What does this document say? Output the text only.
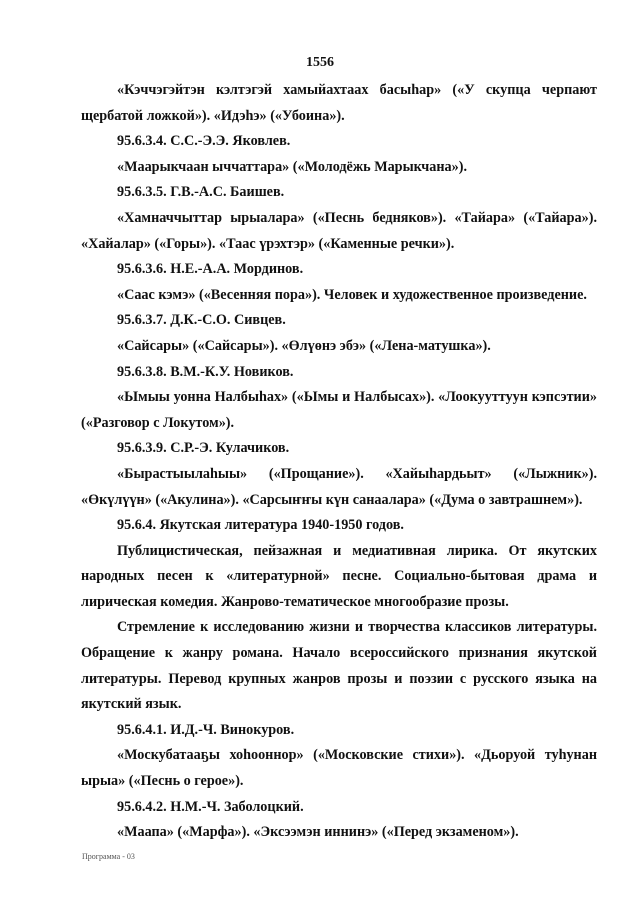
1556

«Кэччэгэйтэн кэлтэгэй хамыйахтаах басыһар» («У скупца черпают щербатой ложкой»). «Идэһэ» («Убоина»).

95.6.3.4. С.С.-Э.Э. Яковлев.

«Маарыкчаан ыччаттара» («Молодёжь Марыкчана»).

95.6.3.5. Г.В.-А.С. Баишев.

«Хамначчыттар ырыалара» («Песнь бедняков»). «Тайара» («Тайара»). «Хайалар» («Горы»). «Таас үрэхтэр» («Каменные речки»).

95.6.3.6. Н.Е.-А.А. Мординов.

«Саас кэмэ» («Весенняя пора»). Человек и художественное произведение.

95.6.3.7. Д.К.-С.О. Сивцев.

«Сайсары» («Сайсары»). «Өлүөнэ эбэ» («Лена-матушка»).

95.6.3.8. В.М.-К.У. Новиков.

«Ымыы уонна Налбыһах» («Ымы и Налбысах»). «Лоокууттуун кэпсэтии» («Разговор с Локутом»).

95.6.3.9. С.Р.-Э. Кулачиков.

«Бырастыылаһыы» («Прощание»). «Хайыһардьыт» («Лыжник»). «Өкүлүүн» («Акулина»). «Сарсыҥҥы күн санаалара» («Дума о завтрашнем»).

95.6.4. Якутская литература 1940-1950 годов.

Публицистическая, пейзажная и медиативная лирика. От якутских народных песен к «литературной» песне. Социально-бытовая драма и лирическая комедия. Жанрово-тематическое многообразие прозы.

Стремление к исследованию жизни и творчества классиков литературы. Обращение к жанру романа. Начало всероссийского признания якутской литературы. Перевод крупных жанров прозы и поэзии с русского языка на якутский язык.

95.6.4.1. И.Д.-Ч. Винокуров.

«Москубатааҕы хоһооннор» («Московские стихи»). «Дьоруой туһунан ырыа» («Песнь о герое»).

95.6.4.2. Н.М.-Ч. Заболоцкий.

«Маапа» («Марфа»). «Эксээмэн иннинэ» («Перед экзаменом»).

Программа - 03
